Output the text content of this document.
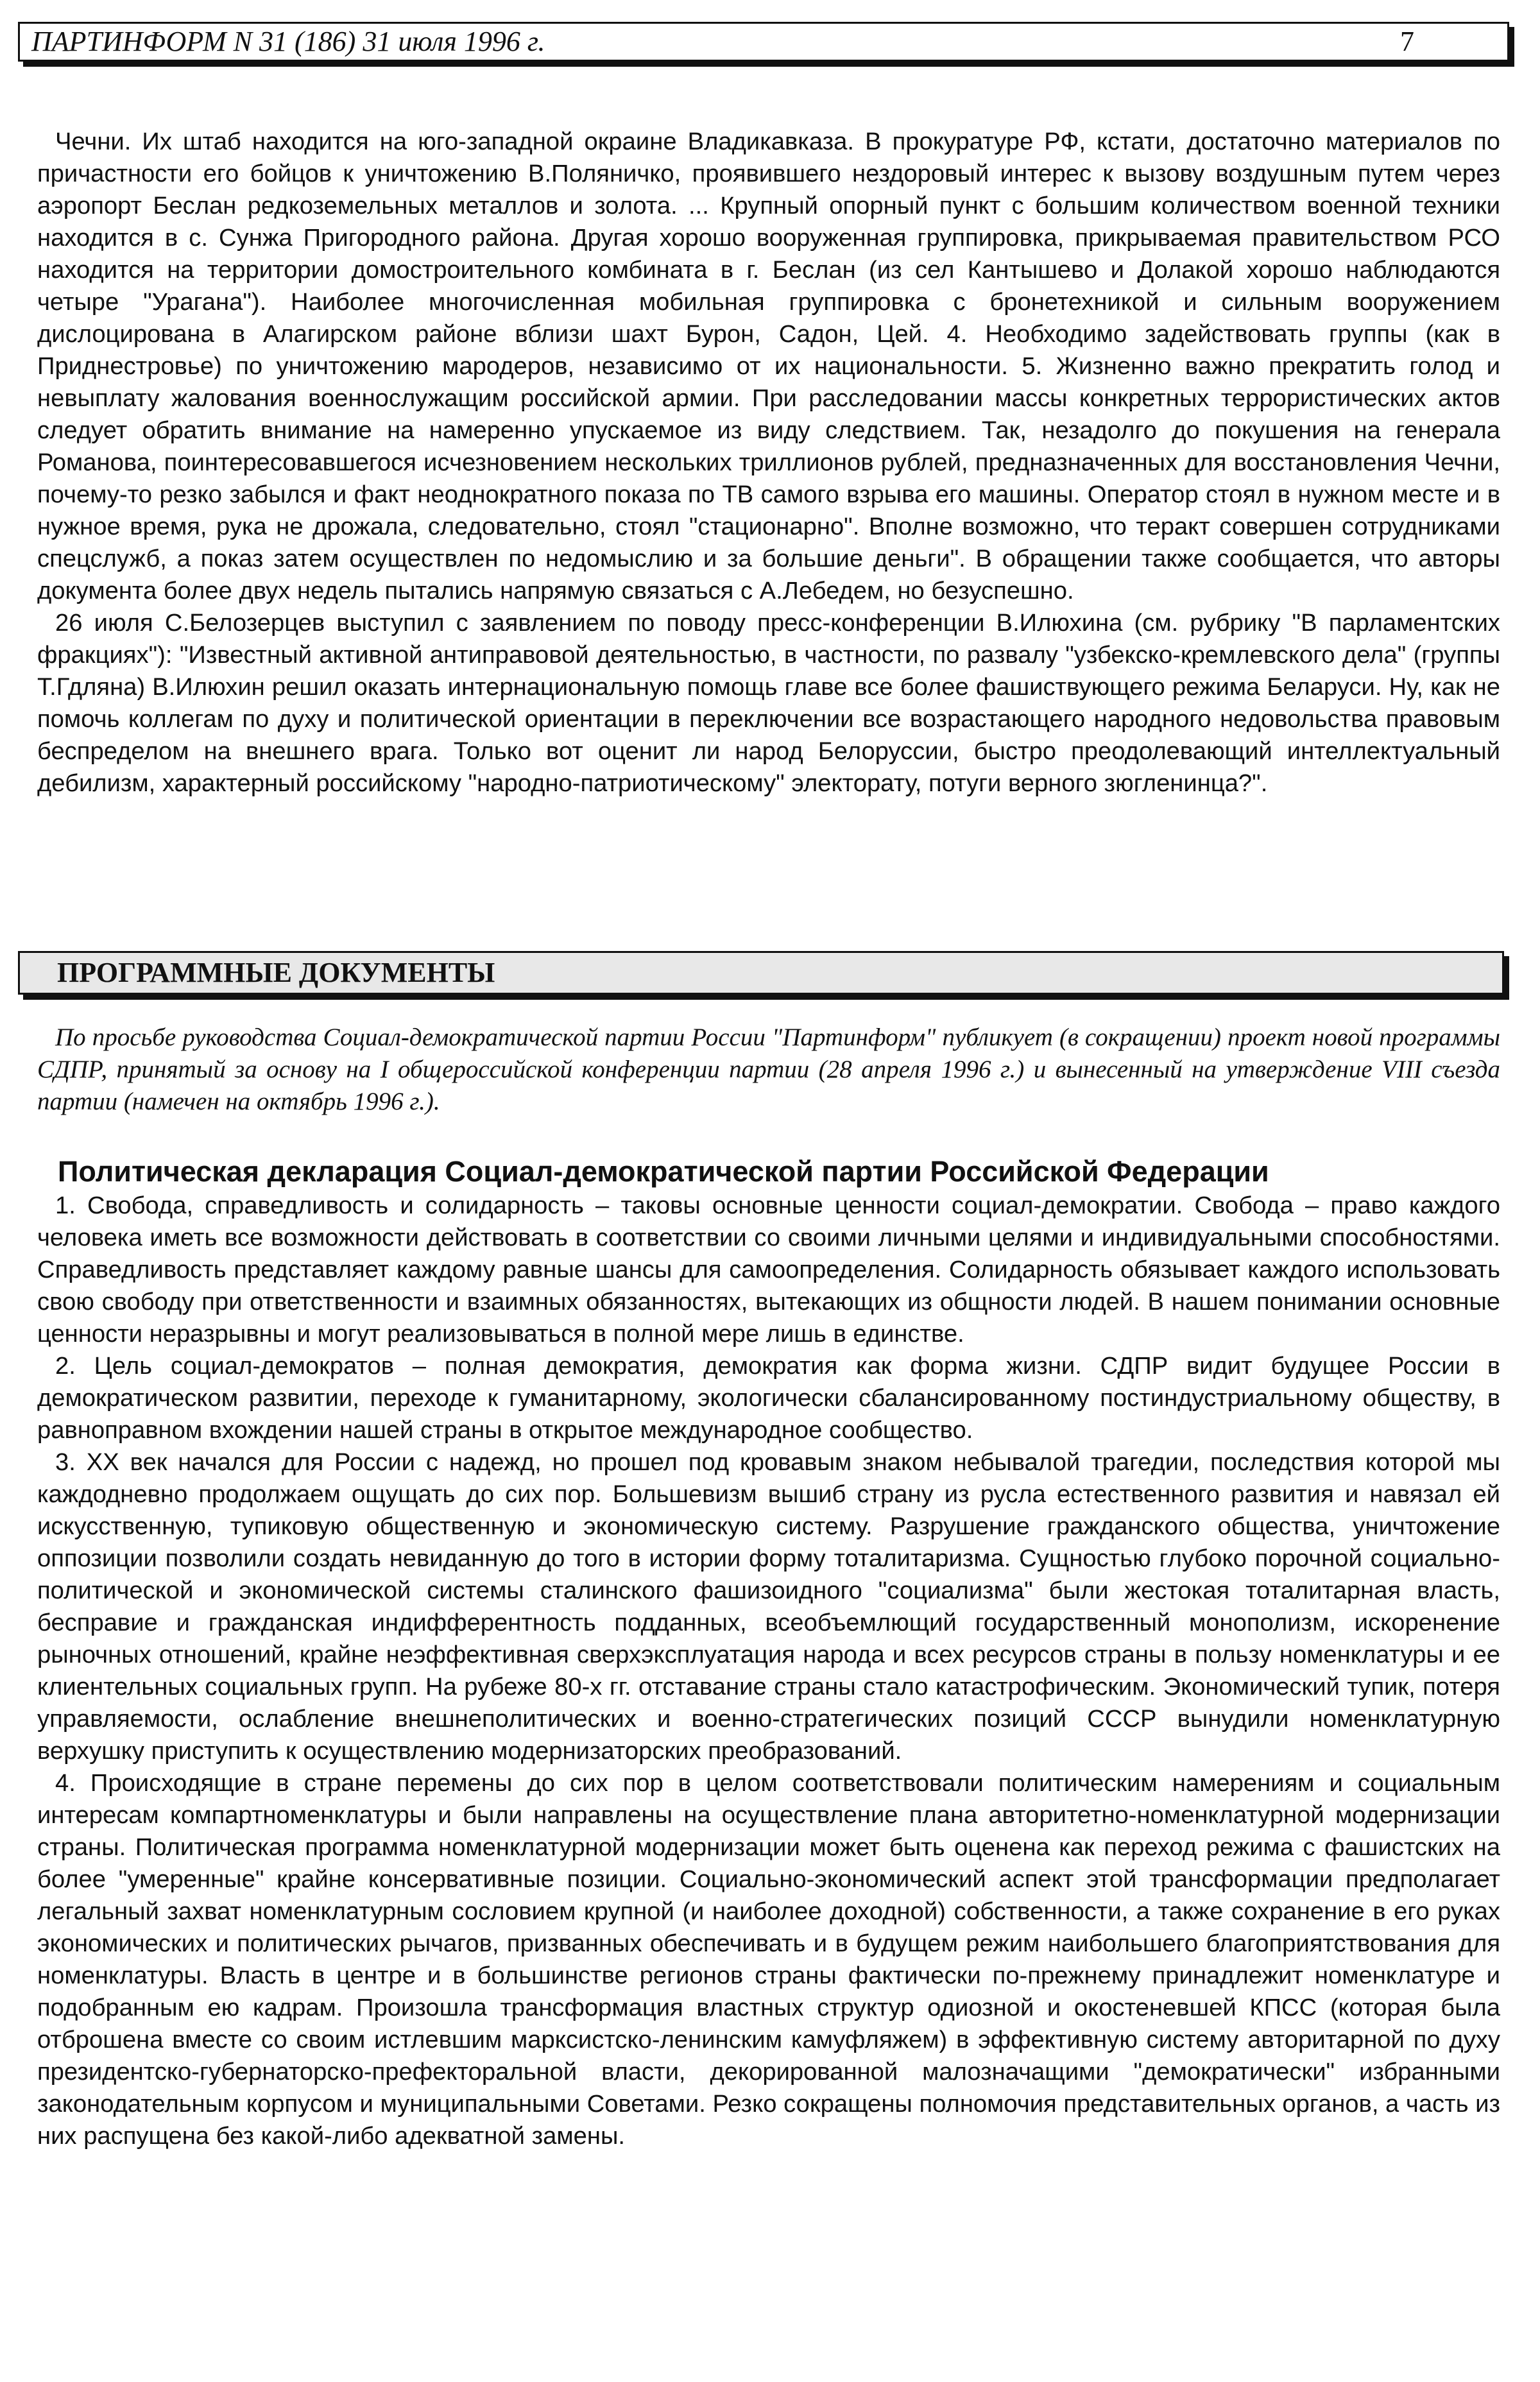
ПАРТИНФОРМ N 31 (186) 31 июля 1996 г.	7

Чечни. Их штаб находится на юго-западной окраине Владикавказа. В прокуратуре РФ, кстати, достаточно материалов по причастности его бойцов к уничтожению В.Поляничко, проявившего нездоровый интерес к вызову воздушным путем через аэропорт Беслан редкоземельных металлов и золота. ... Крупный опорный пункт с большим количеством военной техники находится в с. Сунжа Пригородного района. Другая хорошо вооруженная группировка, прикрываемая правительством РСО находится на территории домостроительного комбината в г. Беслан (из сел Кантышево и Долакой хорошо наблюдаются четыре "Урагана"). Наиболее многочисленная мобильная группировка с бронетехникой и сильным вооружением дислоцирована в Алагирском районе вблизи шахт Бурон, Садон, Цей. 4. Необходимо задействовать группы (как в Приднестровье) по уничтожению мародеров, независимо от их национальности. 5. Жизненно важно прекратить голод и невыплату жалования военнослужащим российской армии. При расследовании массы конкретных террористических актов следует обратить внимание на намеренно упускаемое из виду следствием. Так, незадолго до покушения на генерала Романова, поинтересовавшегося исчезновением нескольких триллионов рублей, предназначенных для восстановления Чечни, почему-то резко забылся и факт неоднократного показа по ТВ самого взрыва его машины. Оператор стоял в нужном месте и в нужное время, рука не дрожала, следовательно, стоял "стационарно". Вполне возможно, что теракт совершен сотрудниками спецслужб, а показ затем осуществлен по недомыслию и за большие деньги". В обращении также сообщается, что авторы документа более двух недель пытались напрямую связаться с А.Лебедем, но безуспешно.

26 июля С.Белозерцев выступил с заявлением по поводу пресс-конференции В.Илюхина (см. рубрику "В парламентских фракциях"): "Известный активной антиправовой деятельностью, в частности, по развалу "узбекско-кремлевского дела" (группы Т.Гдляна) В.Илюхин решил оказать интернациональную помощь главе все более фашиствующего режима Беларуси. Ну, как не помочь коллегам по духу и политической ориентации в переключении все возрастающего народного недовольства правовым беспределом на внешнего врага. Только вот оценит ли народ Белоруссии, быстро преодолевающий интеллектуальный дебилизм, характерный российскому "народно-патриотическому" электорату, потуги верного зюгленинца?".

ПРОГРАММНЫЕ ДОКУМЕНТЫ
По просьбе руководства Социал-демократической партии России "Партинформ" публикует (в сокращении) проект новой программы СДПР, принятый за основу на I общероссийской конференции партии (28 апреля 1996 г.) и вынесенный на утверждение VIII съезда партии (намечен на октябрь 1996 г.).
Политическая декларация Социал-демократической партии Российской Федерации

1. Свобода, справедливость и солидарность – таковы основные ценности социал-демократии. Свобода – право каждого человека иметь все возможности действовать в соответствии со своими личными целями и индивидуальными способностями. Справедливость представляет каждому равные шансы для самоопределения. Солидарность обязывает каждого использовать свою свободу при ответственности и взаимных обязанностях, вытекающих из общности людей. В нашем понимании основные ценности неразрывны и могут реализовываться в полной мере лишь в единстве.

2. Цель социал-демократов – полная демократия, демократия как форма жизни. СДПР видит будущее России в демократическом развитии, переходе к гуманитарному, экологически сбалансированному постиндустриальному обществу, в равноправном вхождении нашей страны в открытое международное сообщество.

3. XX век начался для России с надежд, но прошел под кровавым знаком небывалой трагедии, последствия которой мы каждодневно продолжаем ощущать до сих пор. Большевизм вышиб страну из русла естественного развития и навязал ей искусственную, тупиковую общественную и экономическую систему. Разрушение гражданского общества, уничтожение оппозиции позволили создать невиданную до того в истории форму тоталитаризма. Сущностью глубоко порочной социально-политической и экономической системы сталинского фашизоидного "социализма" были жестокая тоталитарная власть, бесправие и гражданская индифферентность подданных, всеобъемлющий государственный монополизм, искоренение рыночных отношений, крайне неэффективная сверхэксплуатация народа и всех ресурсов страны в пользу номенклатуры и ее клиентельных социальных групп. На рубеже 80-х гг. отставание страны стало катастрофическим. Экономический тупик, потеря управляемости, ослабление внешнеполитических и военно-стратегических позиций СССР вынудили номенклатурную верхушку приступить к осуществлению модернизаторских преобразований.

4. Происходящие в стране перемены до сих пор в целом соответствовали политическим намерениям и социальным интересам компартноменклатуры и были направлены на осуществление плана авторитетно-номенклатурной модернизации страны. Политическая программа номенклатурной модернизации может быть оценена как переход режима с фашистских на более "умеренные" крайне консервативные позиции. Социально-экономический аспект этой трансформации предполагает легальный захват номенклатурным сословием крупной (и наиболее доходной) собственности, а также сохранение в его руках экономических и политических рычагов, призванных обеспечивать и в будущем режим наибольшего благоприятствования для номенклатуры. Власть в центре и в большинстве регионов страны фактически по-прежнему принадлежит номенклатуре и подобранным ею кадрам. Произошла трансформация властных структур одиозной и окостеневшей КПСС (которая была отброшена вместе со своим истлевшим марксистско-ленинским камуфляжем) в эффективную систему авторитарной по духу президентско-губернаторско-префекторальной власти, декорированной малозначащими "демократически" избранными законодательным корпусом и муниципальными Советами. Резко сокращены полномочия представительных органов, а часть из них распущена без какой-либо адекватной замены.
